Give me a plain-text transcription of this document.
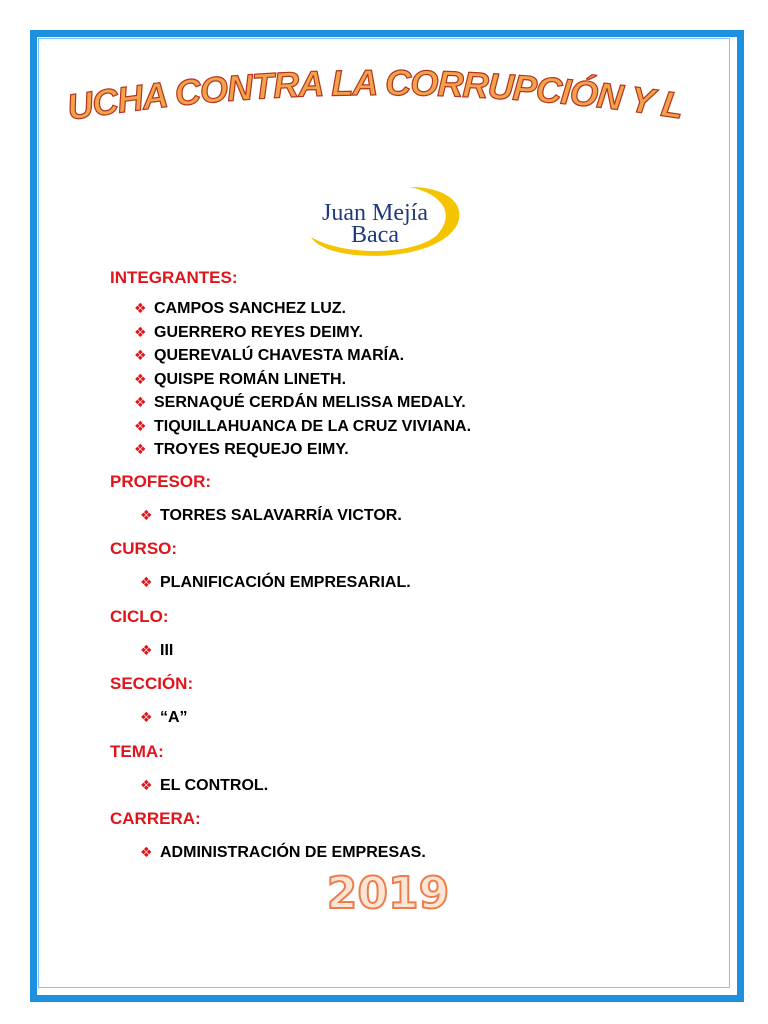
“AÑO DE LA LUCHA CONTRA LA CORRUPCIÓN Y LA IMPUNIDAD”
Juan Mejía
Baca
INTEGRANTES:
❖ CAMPOS SANCHEZ LUZ.
❖ GUERRERO REYES DEIMY.
❖ QUEREVALÚ CHAVESTA MARÍA.
❖ QUISPE ROMÁN LINETH.
❖ SERNAQUÉ CERDÁN MELISSA MEDALY.
❖ TIQUILLAHUANCA DE LA CRUZ VIVIANA.
❖ TROYES REQUEJO EIMY.
PROFESOR:
❖ TORRES SALAVARRÍA VICTOR.
CURSO:
❖ PLANIFICACIÓN EMPRESARIAL.
CICLO:
❖ III
SECCIÓN:
❖ “A”
TEMA:
❖ EL CONTROL.
CARRERA:
❖ ADMINISTRACIÓN DE EMPRESAS.
2019
